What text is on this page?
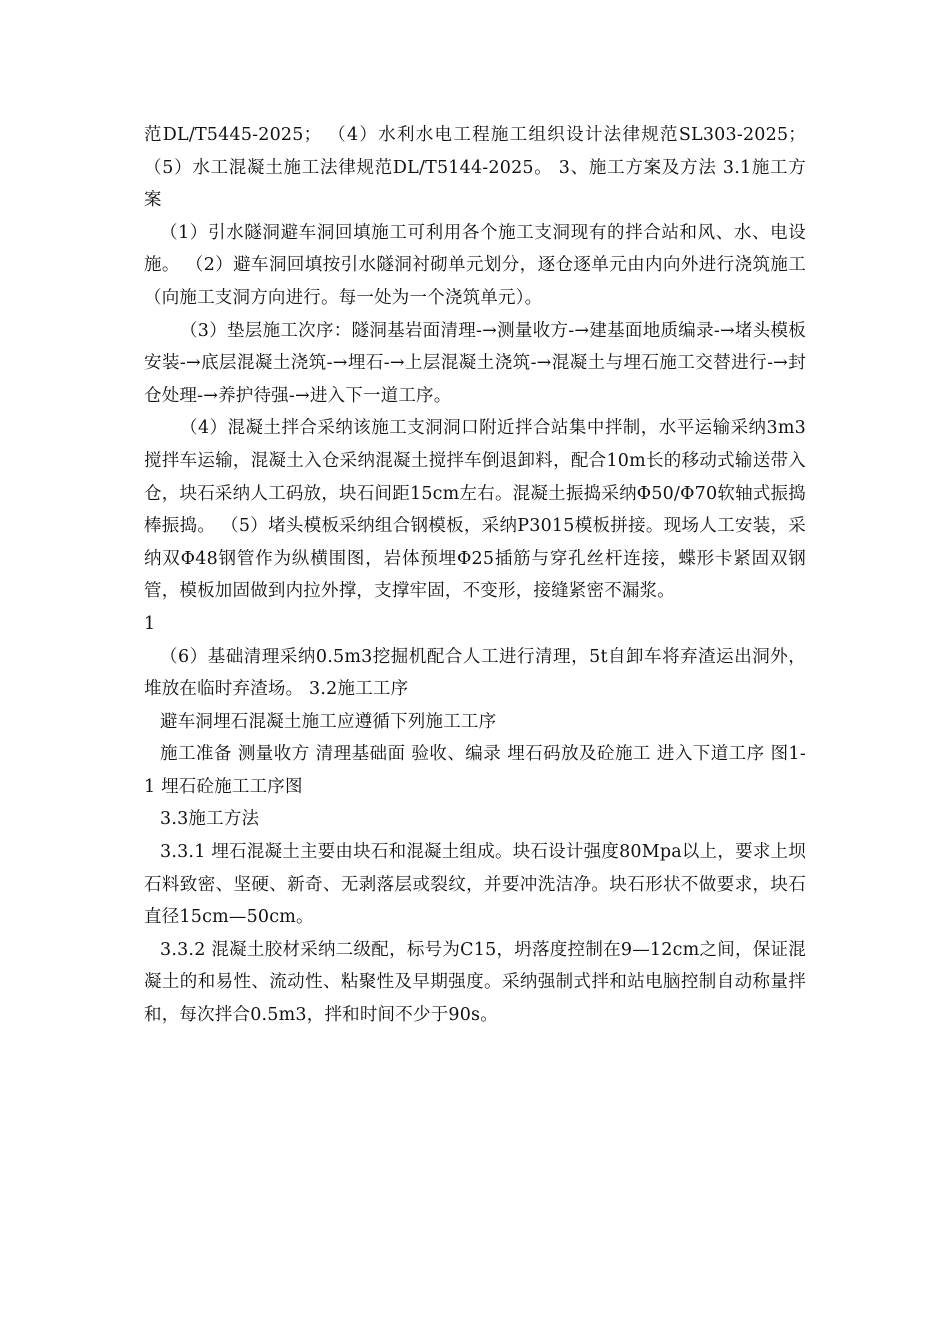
范DL/T5445-2025； （4）水利水电工程施工组织设计法律规范SL303-2025；（5）水工混凝土施工法律规范DL/T5144-2025。 3、施工方案及方法 3.1施工方案

（1）引水隧洞避车洞回填施工可利用各个施工支洞现有的拌合站和风、水、电设施。 （2）避车洞回填按引水隧洞衬砌单元划分，逐仓逐单元由内向外进行浇筑施工（向施工支洞方向进行。每一处为一个浇筑单元）。

（3）垫层施工次序：隧洞基岩面清理-→测量收方-→建基面地质编录-→堵头模板安装-→底层混凝土浇筑-→埋石-→上层混凝土浇筑-→混凝土与埋石施工交替进行-→封仓处理-→养护待强-→进入下一道工序。

（4）混凝土拌合采纳该施工支洞洞口附近拌合站集中拌制，水平运输采纳3m3搅拌车运输，混凝土入仓采纳混凝土搅拌车倒退卸料，配合10m长的移动式输送带入仓，块石采纳人工码放，块石间距15cm左右。混凝土振捣采纳Φ50/Φ70软轴式振捣棒振捣。 （5）堵头模板采纳组合钢模板，采纳P3015模板拼接。现场人工安装，采纳双Φ48钢管作为纵横围图，岩体预埋Φ25插筋与穿孔丝杆连接，蝶形卡紧固双钢管，模板加固做到内拉外撑，支撑牢固，不变形，接缝紧密不漏浆。

1

（6）基础清理采纳0.5m3挖掘机配合人工进行清理，5t自卸车将弃渣运出洞外，堆放在临时弃渣场。 3.2施工工序

避车洞埋石混凝土施工应遵循下列施工工序

施工准备 测量收方 清理基础面 验收、编录 埋石码放及砼施工 进入下道工序 图1-1 埋石砼施工工序图

3.3施工方法

3.3.1 埋石混凝土主要由块石和混凝土组成。块石设计强度80Mpa以上，要求上坝石料致密、坚硬、新奇、无剥落层或裂纹，并要冲洗洁净。块石形状不做要求，块石直径15cm—50cm。

3.3.2 混凝土胶材采纳二级配，标号为C15，坍落度控制在9—12cm之间，保证混凝土的和易性、流动性、粘聚性及早期强度。采纳强制式拌和站电脑控制自动称量拌和，每次拌合0.5m3，拌和时间不少于90s。
